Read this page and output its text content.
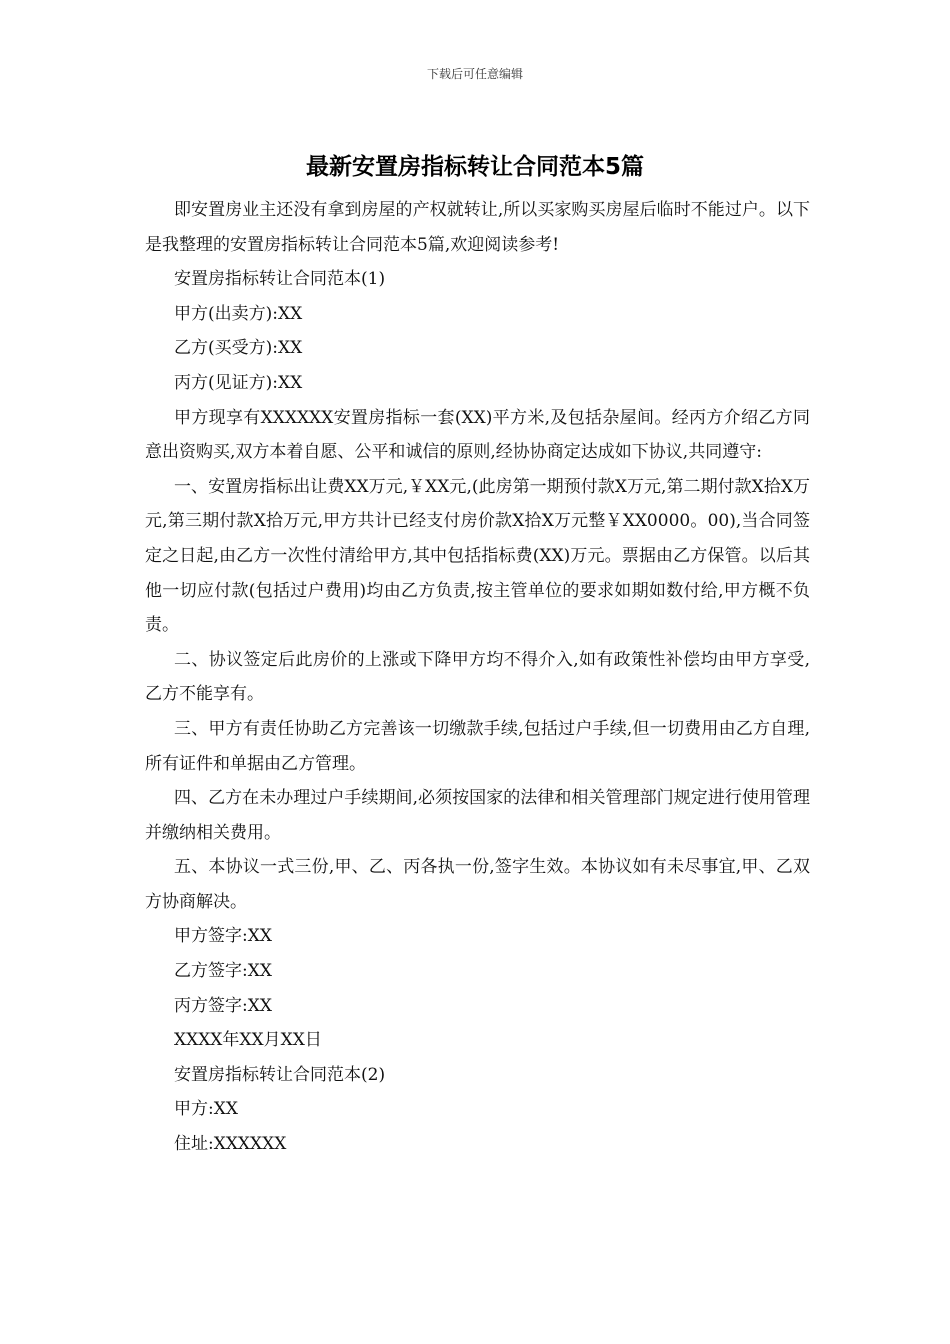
下载后可任意编辑
最新安置房指标转让合同范本5篇

即安置房业主还没有拿到房屋的产权就转让,所以买家购买房屋后临时不能过户。以下是我整理的安置房指标转让合同范本5篇,欢迎阅读参考!

安置房指标转让合同范本(1)

甲方(出卖方):XX

乙方(买受方):XX

丙方(见证方):XX

甲方现享有XXXXXX安置房指标一套(XX)平方米,及包括杂屋间。经丙方介绍乙方同意出资购买,双方本着自愿、公平和诚信的原则,经协协商定达成如下协议,共同遵守:

一、安置房指标出让费XX万元,￥XX元,(此房第一期预付款X万元,第二期付款X拾X万元,第三期付款X拾万元,甲方共计已经支付房价款X拾X万元整￥XX0000。00),当合同签定之日起,由乙方一次性付清给甲方,其中包括指标费(XX)万元。票据由乙方保管。以后其他一切应付款(包括过户费用)均由乙方负责,按主管单位的要求如期如数付给,甲方概不负责。

二、协议签定后此房价的上涨或下降甲方均不得介入,如有政策性补偿均由甲方享受,乙方不能享有。

三、甲方有责任协助乙方完善该一切缴款手续,包括过户手续,但一切费用由乙方自理,所有证件和单据由乙方管理。

四、乙方在未办理过户手续期间,必须按国家的法律和相关管理部门规定进行使用管理并缴纳相关费用。

五、本协议一式三份,甲、乙、丙各执一份,签字生效。本协议如有未尽事宜,甲、乙双方协商解决。

甲方签字:XX

乙方签字:XX

丙方签字:XX

XXXX年XX月XX日

安置房指标转让合同范本(2)

甲方:XX

住址:XXXXXX
